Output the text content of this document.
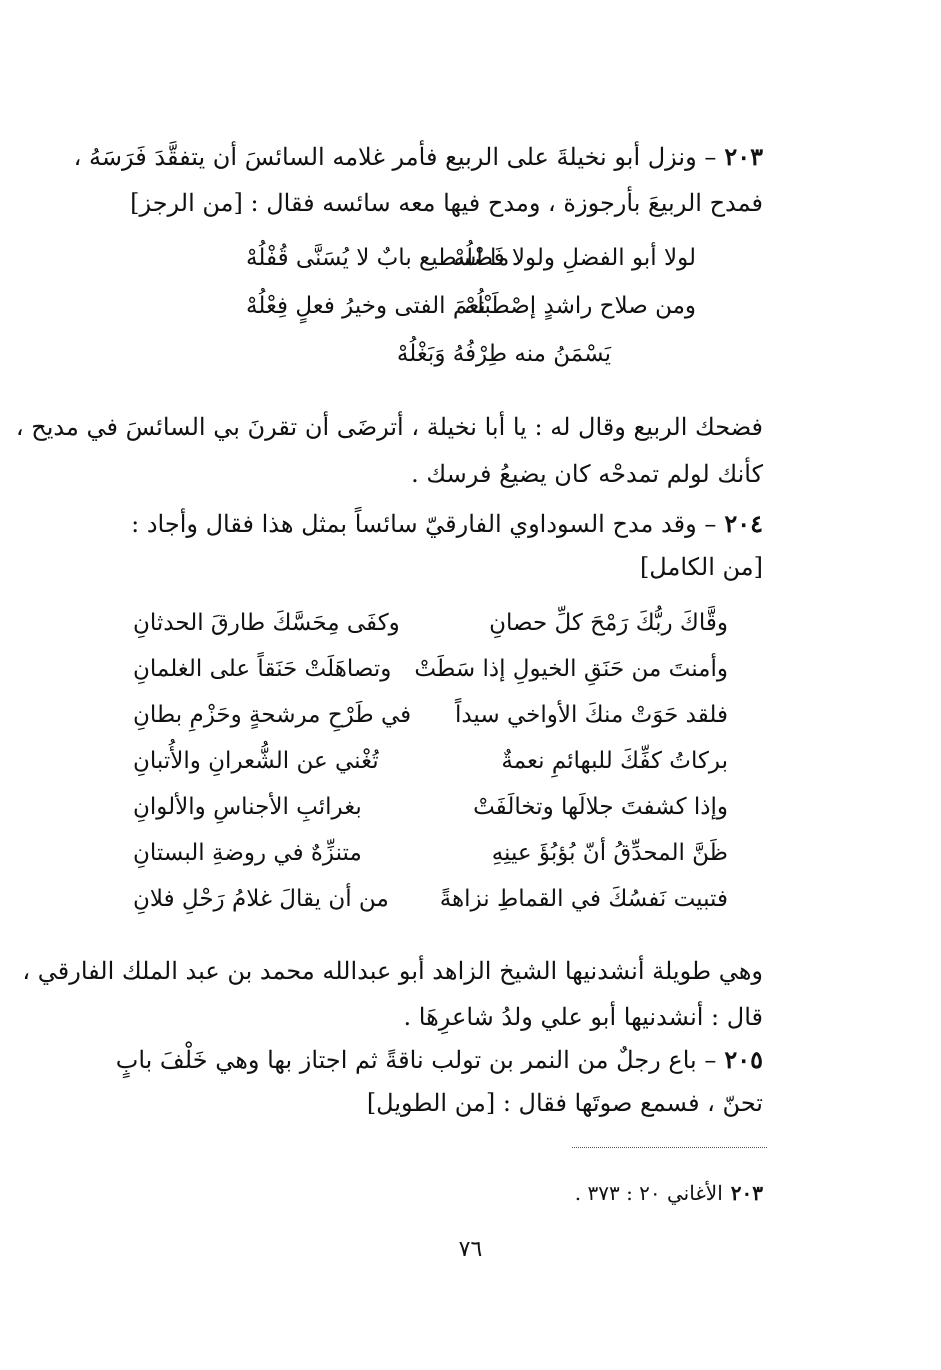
٢٠٣– ونزل أبو نخيلةَ على الربيع فأمر غلامه السائسَ أن يتفقَّدَ فَرَسَهُ ،
فمدح الربيعَ بأرجوزة ، ومدح فيها معه سائسه فقال : [من الرجز]
لولا أبو الفضلِ ولولا فَضْلُهْ
ما اسطيع بابٌ لا يُسَنَّى قُفْلُهْ
ومن صلاح راشدٍ إصْطَبْلُهْ
نعمَ الفتى وخيرُ فعلٍ فِعْلُهْ
يَسْمَنُ منه طِرْفُهُ وَبَغْلُهْ
فضحك الربيع وقال له : يا أبا نخيلة ، أترضَى أن تقرنَ بي السائسَ في مديح ،
كأنك لولم تمدحْه كان يضيعُ فرسك .
٢٠٤– وقد مدح السوداوي الفارقيّ سائساً بمثل هذا فقال وأجاد :
[من الكامل]
وقَّاكَ ربُّكَ رَمْحَ كلِّ حصانِ
وكفَى مِحَسَّكَ طارقَ الحدثانِ
وأمنتَ من حَنَقِ الخيولِ إذا سَطَتْ
وتصاهَلَتْ حَنَقاً على الغلمانِ
فلقد حَوَتْ منكَ الأواخي سيداً
في طَرْحِ مرشحةٍ وحَزْمِ بطانِ
بركاتُ كفِّكَ للبهائمِ نعمةٌ
تُغْني عن الشُّعرانِ والأُتبانِ
وإذا كشفتَ جلالَها وتخالَفَتْ
بغرائبِ الأجناسِ والألوانِ
ظَنَّ المحدِّقُ أنّ بُؤبُؤَ عينِهِ
متنزِّهٌ في روضةِ البستانِ
فتبيت نَفسُكَ في القماطِ نزاهةً
من أن يقالَ غلامُ رَحْلِ فلانِ
وهي طويلة أنشدنيها الشيخ الزاهد أبو عبدالله محمد بن عبد الملك الفارقي ،
قال : أنشدنيها أبو علي ولدُ شاعرِهَا .
٢٠٥– باع رجلٌ من النمر بن تولب ناقةً ثم اجتاز بها وهي خَلْفَ بابٍ
تحنّ ، فسمع صوتَها فقال : [من الطويل]
٢٠٣الأغاني ٢٠ : ٣٧٣ .
٧٦
